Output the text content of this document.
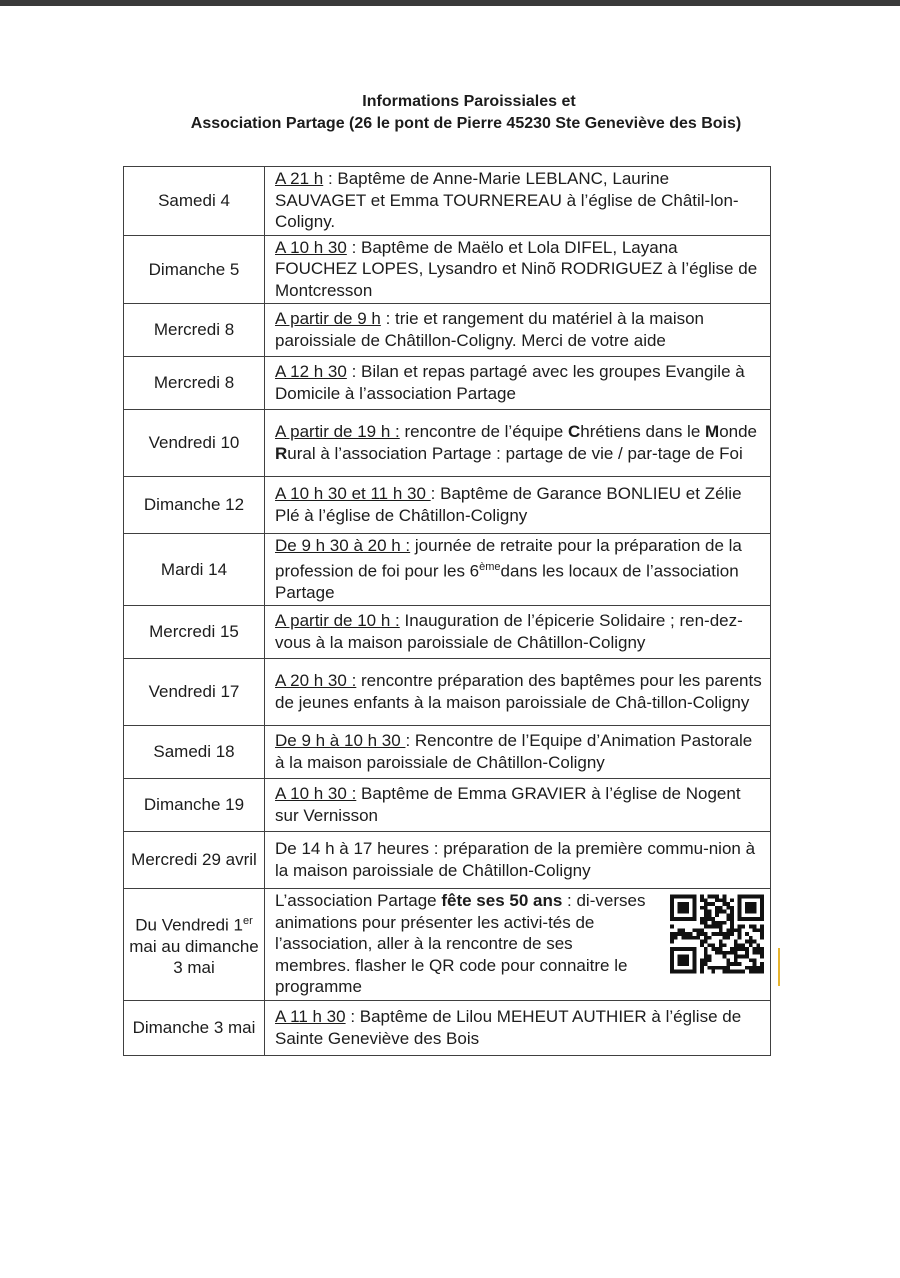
Informations Paroissiales et
Association Partage (26 le pont de Pierre 45230 Ste Geneviève des Bois)
Samedi 4	A 21 h : Baptême de Anne-Marie LEBLANC, Laurine SAUVAGET et Emma TOURNEREAU à l’église de Châtil-lon- Coligny.
Dimanche 5	A 10 h 30 : Baptême de Maëlo et Lola DIFEL, Layana FOUCHEZ LOPES, Lysandro et Ninõ RODRIGUEZ à l’église de Montcresson
Mercredi 8	A partir de 9 h : trie et rangement du matériel à la maison paroissiale de Châtillon-Coligny. Merci de votre aide
Mercredi 8	A 12 h 30 : Bilan et repas partagé avec les groupes Evangile à Domicile à l’association Partage
Vendredi 10	A partir de 19 h : rencontre de l’équipe Chrétiens dans le Monde Rural à l’association Partage : partage de vie / par-tage de Foi
Dimanche 12	A 10 h 30 et 11 h 30 : Baptême de Garance BONLIEU et Zélie Plé à l’église de Châtillon-Coligny
Mardi 14	De 9 h 30 à 20 h : journée de retraite pour la préparation de la profession de foi pour les 6èmedans les locaux de l’association Partage
Mercredi 15	A partir de 10 h : Inauguration de l’épicerie Solidaire ; ren-dez-vous à la maison paroissiale de Châtillon-Coligny
Vendredi 17	A 20 h 30 : rencontre préparation des baptêmes pour les parents de jeunes enfants à la maison paroissiale de Châ-tillon-Coligny
Samedi 18	De 9 h à 10 h 30 : Rencontre de l’Equipe d’Animation Pastorale à la maison paroissiale de Châtillon-Coligny
Dimanche 19	A 10 h 30 : Baptême de Emma GRAVIER à l’église de Nogent sur Vernisson
Mercredi 29 avril	De 14 h à 17 heures : préparation de la première commu-nion à la maison paroissiale de Châtillon-Coligny
Du Vendredi 1er mai au dimanche 3 mai	L’association Partage fête ses 50 ans : di-verses animations pour présenter les activi-tés de l’association, aller à la rencontre de ses membres. flasher le QR code pour connaitre le programme

Dimanche 3 mai	A 11 h 30 : Baptême de Lilou MEHEUT AUTHIER à l’église de Sainte Geneviève des Bois
